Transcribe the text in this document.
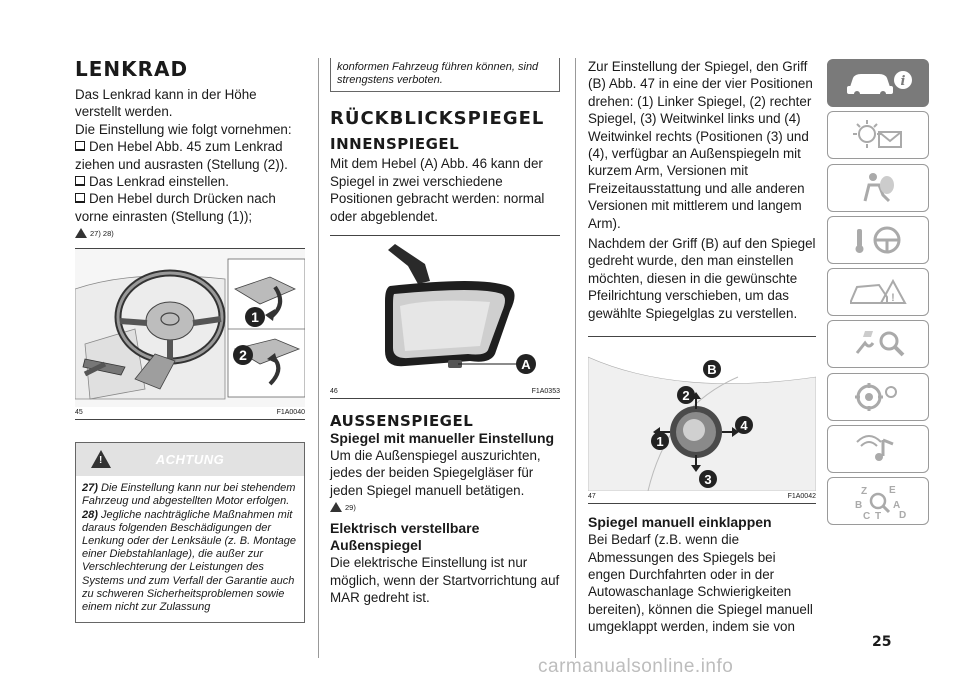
LENKRAD
Das Lenkrad kann in der Höhe verstellt werden.
Die Einstellung wie folgt vornehmen:
Den Hebel Abb. 45 zum Lenkrad
ziehen und ausrasten (Stellung (2)).
Das Lenkrad einstellen.
Den Hebel durch Drücken nach
vorne einrasten (Stellung (1));
27) 28)
1
2
45	F1A0040
!	ACHTUNG

27) Die Einstellung kann nur bei stehendem Fahrzeug und abgestellten Motor erfolgen.

28) Jegliche nachträgliche Maßnahmen mit daraus folgenden Beschädigungen der Lenkung oder der Lenksäule (z. B. Montage einer Diebstahlanlage), die außer zur Verschlechterung der Leistungen des Systems und zum Verfall der Garantie auch zu schweren Sicherheitsproblemen sowie einem nicht zur Zulassung

konformen Fahrzeug führen können, sind strengstens verboten.
RÜCKBLICKSPIEGEL
INNENSPIEGEL
Mit dem Hebel (A) Abb. 46 kann der Spiegel in zwei verschiedene Positionen gebracht werden: normal oder abgeblendet.
A
46	F1A0353
AUSSENSPIEGEL
Spiegel mit manueller Einstellung
Um die Außenspiegel auszurichten, jedes der beiden Spiegelgläser für jeden Spiegel manuell betätigen.
29)
Elektrisch verstellbare Außenspiegel
Die elektrische Einstellung ist nur möglich, wenn der Startvorrichtung auf MAR gedreht ist.
Zur Einstellung der Spiegel, den Griff (B) Abb. 47 in eine der vier Positionen drehen: (1) Linker Spiegel, (2) rechter Spiegel, (3) Weitwinkel links und (4) Weitwinkel rechts (Positionen (3) und (4), verfügbar an Außenspiegeln mit kurzem Arm, Versionen mit Freizeitausstattung und alle anderen Versionen mit mittlerem und langem Arm).
Nachdem der Griff (B) auf den Spiegel gedreht wurde, den man einstellen möchten, diesen in die gewünschte Pfeilrichtung verschieben, um das gewählte Spiegelglas zu verstellen.
1
2
3
4
B
47	F1A0042
Spiegel manuell einklappen
Bei Bedarf (z.B. wenn die Abmessungen des Spiegels bei engen Durchfahrten oder in der Autowaschanlage Schwierigkeiten bereiten), können die Spiegel manuell umgeklappt werden, indem sie von
i
!
Z E
B	A
C T D
25
carmanualsonline.info
